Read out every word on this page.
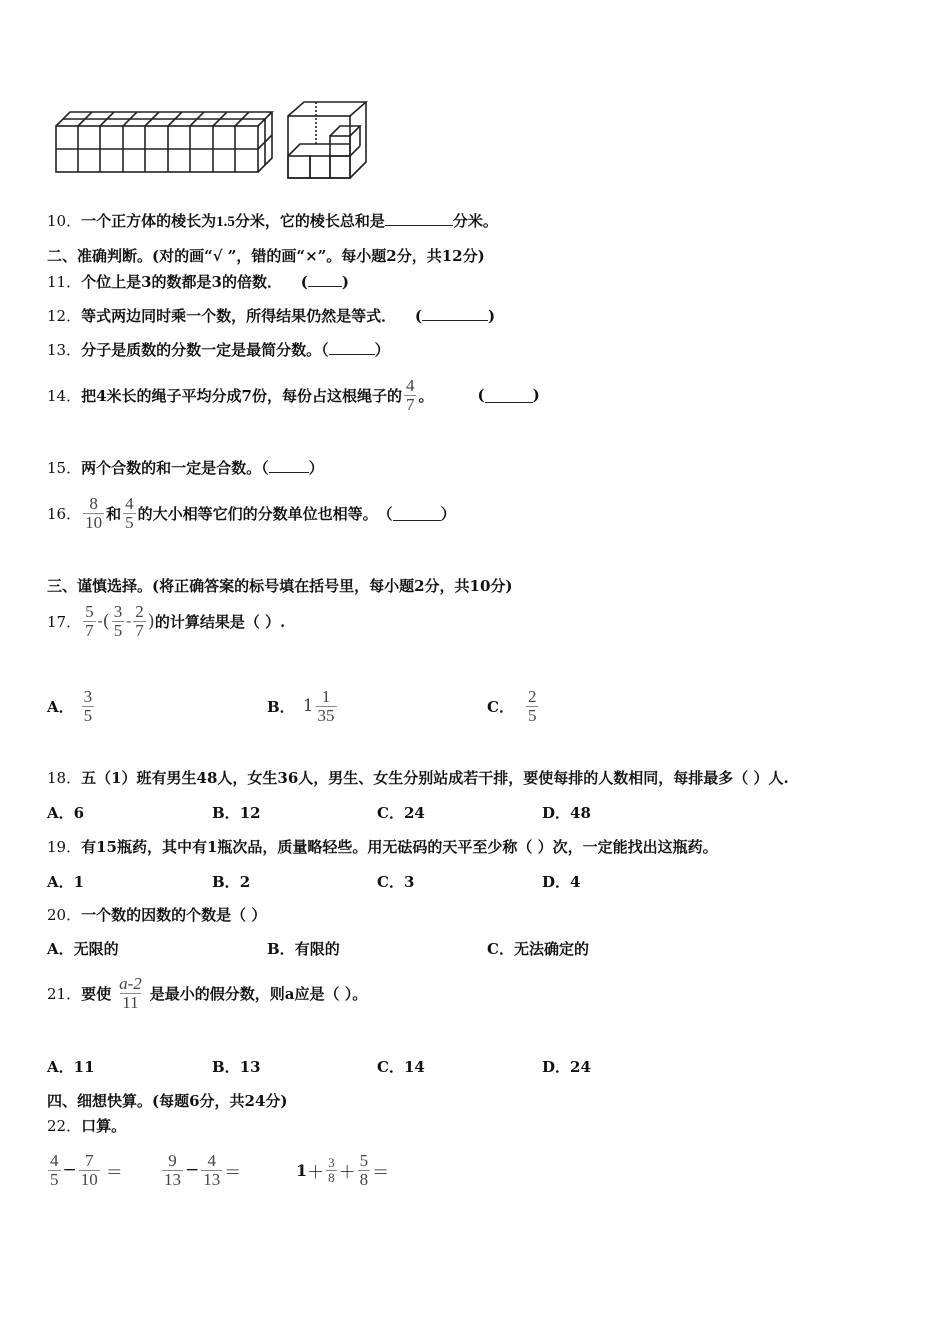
10．一个正方体的棱长为1.5分米，它的棱长总和是	分米。
二、准确判断。(对的画“√ ”，错的画“×”。每小题2分，共12分)
11．个位上是3的数都是3的倍数． ( )
12．等式两边同时乘一个数，所得结果仍然是等式． (	)
13．分子是质数的分数一定是最简分数。（	）
14． 把4米长的绳子平均分成7份，每份占这根绳子的 $\frac{4}{7}$ 。	(	)
15．两个合数的和一定是合数。（	）
16． $\frac{8}{10}$ 和 $\frac{4}{5}$ 的大小相等它们的分数单位也相等。 （	）
三、谨慎选择。(将正确答案的标号填在括号里，每小题2分，共10分)
17． $\frac{5}{7}$ - ( $\frac{3}{5} - \frac{2}{7}$ ) 的计算结果是（ ）.
A． $\frac{3}{5}$	B． $1 \frac{1}{35}$	C． $\frac{2}{5}$
18．五（1）班有男生48人，女生36人，男生、女生分别站成若干排，要使每排的人数相同，每排最多（ ）人.
A．6	B．12	C．24	D．48
19．有15瓶药，其中有1瓶次品，质量略轻些。用无砝码的天平至少称（ ）次，一定能找出这瓶药。
A．1	B．2	C．3	D．4
20．一个数的因数的个数是（ ）
A．无限的	B．有限的	C．无法确定的
21． 要使 $\frac{a-2}{11}$ 是最小的假分数，则a应是（ ）。
A．11	B．13	C．14	D．24
四、细想快算。(每题6分，共24分)
22．口算。
$\frac{4}{5} - \frac{7}{10} = \frac{9}{13} - \frac{4}{13}$ ＝	$1 + \frac{3}{8} + \frac{5}{8}$ ＝
